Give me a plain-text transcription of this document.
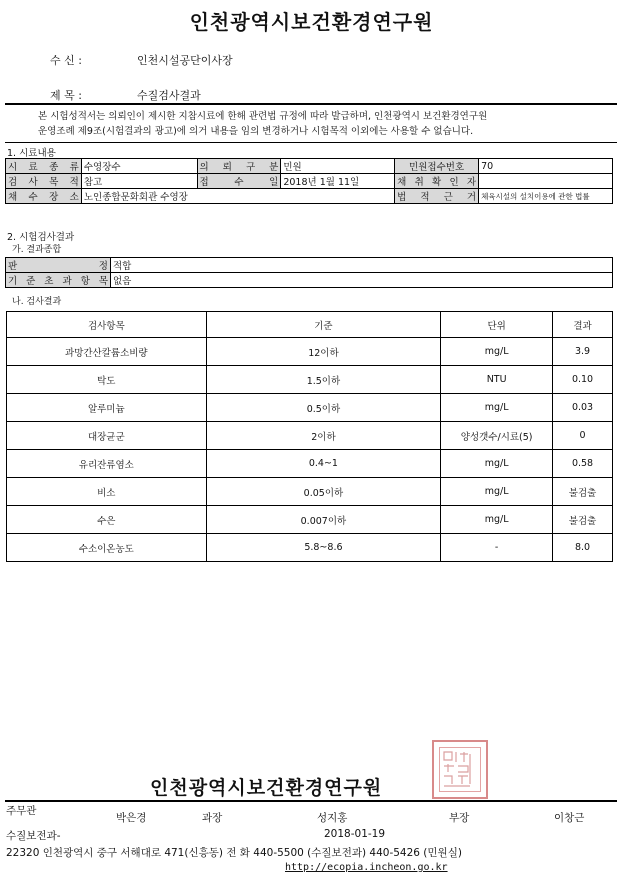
인천광역시보건환경연구원
수 신 :	인천시설공단이사장
제 목 :	수질검사결과
본 시험성적서는 의뢰인이 제시한 지참시료에 한해 관련법 규정에 따라 발급하며, 인천광역시 보건환경연구원
운영조례 제9조(시험결과의 광고)에 의거 내용을 임의 변경하거나 시험목적 이외에는 사용할 수 없습니다.
1. 시료내용
시 료 종 류	수영장수	의 뢰 구 분	민원	민원접수번호	70
검 사 목 적	참고	접 수 일	2018년 1월 11일	채 취 확 인 자	
채 수 장 소	노인종합문화회관 수영장			법 적 근 거	체육시설의 설치이용에 관한 법률
2. 시험검사결과
가. 결과종합
판 정	적합
기 준 초 과 항 목	없음
나. 검사결과
검사항목	기준	단위	결과
과망간산칼륨소비량	12이하	mg/L	3.9
탁도	1.5이하	NTU	0.10
알루미늄	0.5이하	mg/L	0.03
대장균군	2이하	양성갯수/시료(5)	0
유리잔류염소	0.4~1	mg/L	0.58
비소	0.05이하	mg/L	불검출
수은	0.007이하	mg/L	불검출
수소이온농도	5.8~8.6	-	8.0
인천광역시보건환경연구원
주무관
박은경	과장	성지홍	부장	이창근
수질보전과-	2018-01-19
22320 인천광역시 중구 서해대로 471(신흥동) 전 화 440-5500 (수질보전과) 440-5426 (민원실)
http://ecopia.incheon.go.kr
